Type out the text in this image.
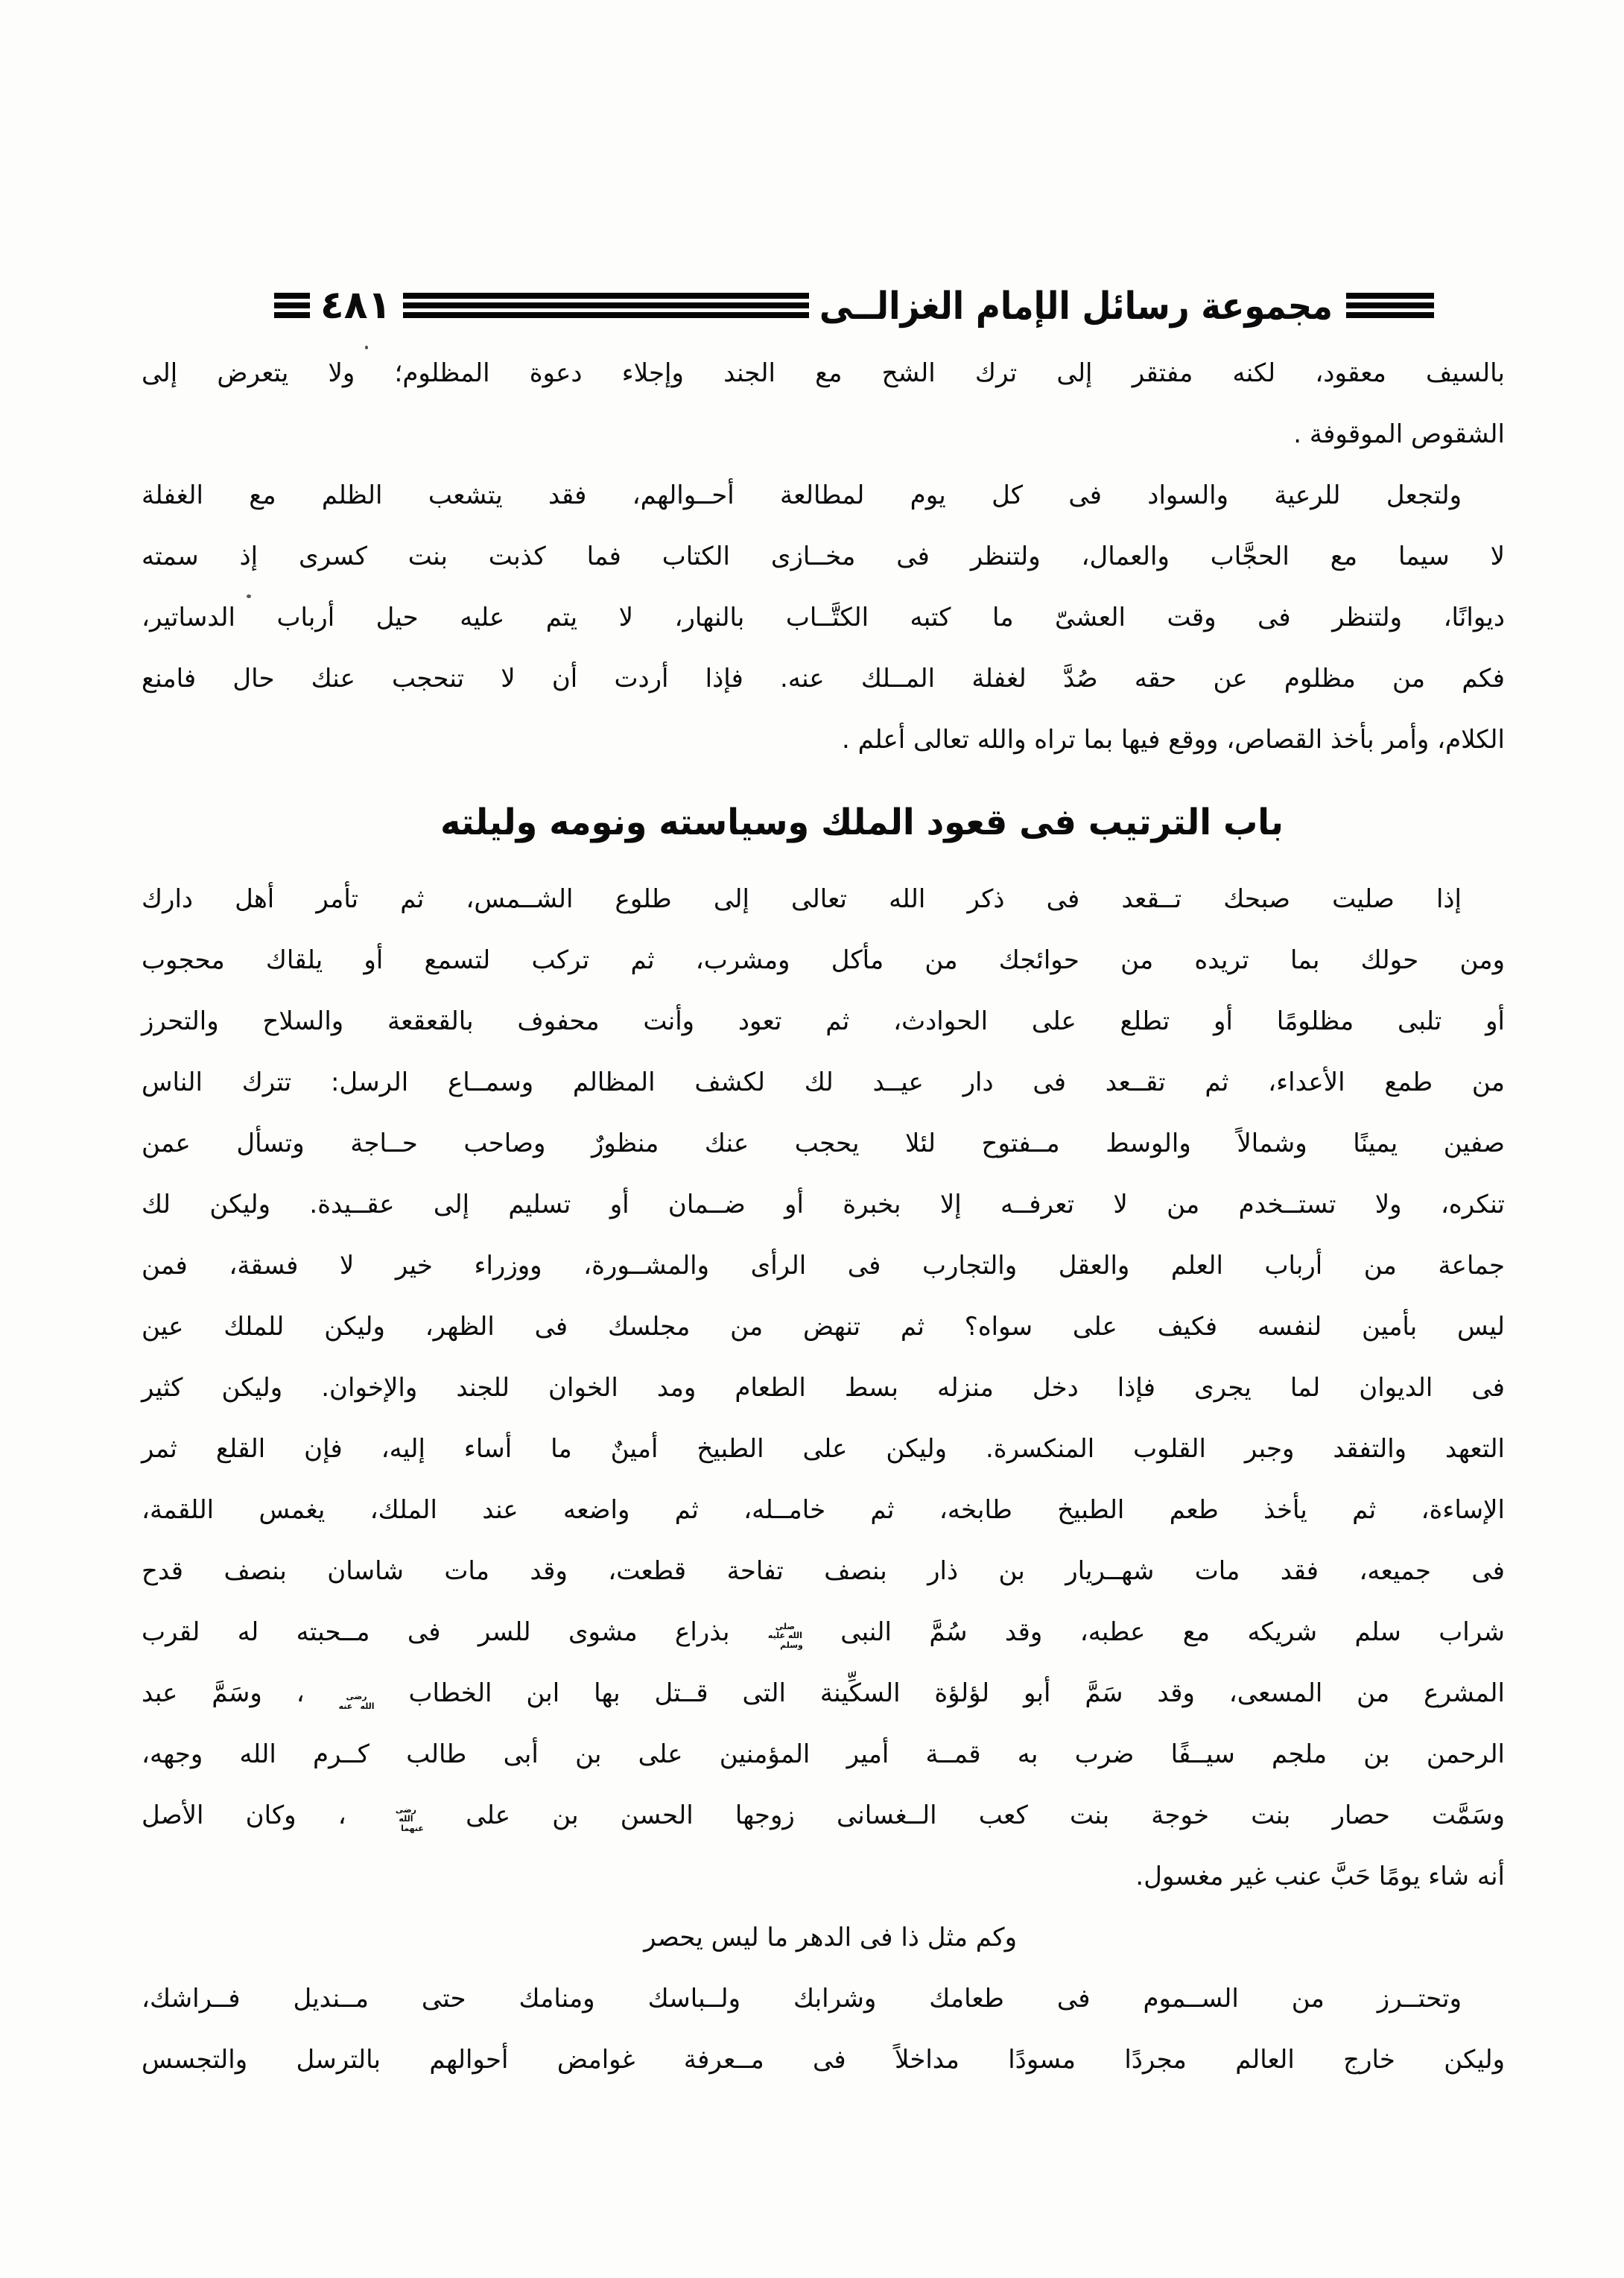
٤٨١	مجموعة رسائل الإمام الغزالــى
بالسيف معقود، لكنه مفتقر إلى ترك الشح مع الجند وإجلاء دعوة المظلوم؛ ولا يتعرض إلى
الشقوص الموقوفة .
ولتجعل للرعية والسواد فى كل يوم لمطالعة أحــوالهم، فقد يتشعب الظلم مع الغفلة
لا سيما مع الحجَّاب والعمال، ولتنظر فى مخــازى الكتاب فما كذبت بنت كسرى إذ سمته
ديوانًا، ولتنظر فى وقت العشىّ ما كتبه الكتَّــاب بالنهار، لا يتم عليه حيل أرباب الدساتير،
فكم من مظلوم عن حقه صُدَّ لغفلة المــلك عنه. فإذا أردت أن لا تنحجب عنك حال فامنع
الكلام، وأمر بأخذ القصاص، ووقع فيها بما تراه والله تعالى أعلم .
باب الترتيب فى قعود الملك وسياسته ونومه وليلته
إذا صليت صبحك تــقعد فى ذكر الله تعالى إلى طلوع الشــمس، ثم تأمر أهل دارك
ومن حولك بما تريده من حوائجك من مأكل ومشرب، ثم تركب لتسمع أو يلقاك محجوب
أو تلبى مظلومًا أو تطلع على الحوادث، ثم تعود وأنت محفوف بالقعقعة والسلاح والتحرز
من طمع الأعداء، ثم تقــعد فى دار عيــد لك لكشف المظالم وسمــاع الرسل: تترك الناس
صفين يمينًا وشمالاً والوسط مــفتوح لئلا يحجب عنك منظورٌ وصاحب حــاجة وتسأل عمن
تنكره، ولا تستــخدم من لا تعرفــه إلا بخبرة أو ضــمان أو تسليم إلى عقــيدة. وليكن لك
جماعة من أرباب العلم والعقل والتجارب فى الرأى والمشــورة، ووزراء خير لا فسقة، فمن
ليس بأمين لنفسه فكيف على سواه؟ ثم تنهض من مجلسك فى الظهر، وليكن للملك عين
فى الديوان لما يجرى فإذا دخل منزله بسط الطعام ومد الخوان للجند والإخوان. وليكن كثير
التعهد والتفقد وجبر القلوب المنكسرة. وليكن على الطبيخ أمينٌ ما أساء إليه، فإن القلع ثمر
الإساءة، ثم يأخذ طعم الطبيخ طابخه، ثم خامــله، ثم واضعه عند الملك، يغمس اللقمة،
فى جميعه، فقد مات شهــريار بن ذار بنصف تفاحة قطعت، وقد مات شاسان بنصف قدح
شراب سلم شريكه مع عطبه، وقد سُمَّ النبى صلى الله عليه وسلم بذراع مشوى للسر فى مــحبته له لقرب
المشرع من المسعى، وقد سَمَّ أبو لؤلؤة السكِّينة التى قــتل بها ابن الخطاب رضى الله عنه ، وسَمَّ عبد
الرحمن بن ملجم سيــفًا ضرب به قمــة أمير المؤمنين على بن أبى طالب كــرم الله وجهه،
وسَمَّت حصار بنت خوجة بنت كعب الــغسانى زوجها الحسن بن على رضى الله عنهما ، وكان الأصل
أنه شاء يومًا حَبَّ عنب غير مغسول.
وكم مثل ذا فى الدهر ما ليس يحصر
وتحتــرز من الســموم فى طعامك وشرابك ولــباسك ومنامك حتى مــنديل فــراشك،
وليكن خارج العالم مجردًا مسودًا مداخلاً فى مــعرفة غوامض أحوالهم بالترسل والتجسس
